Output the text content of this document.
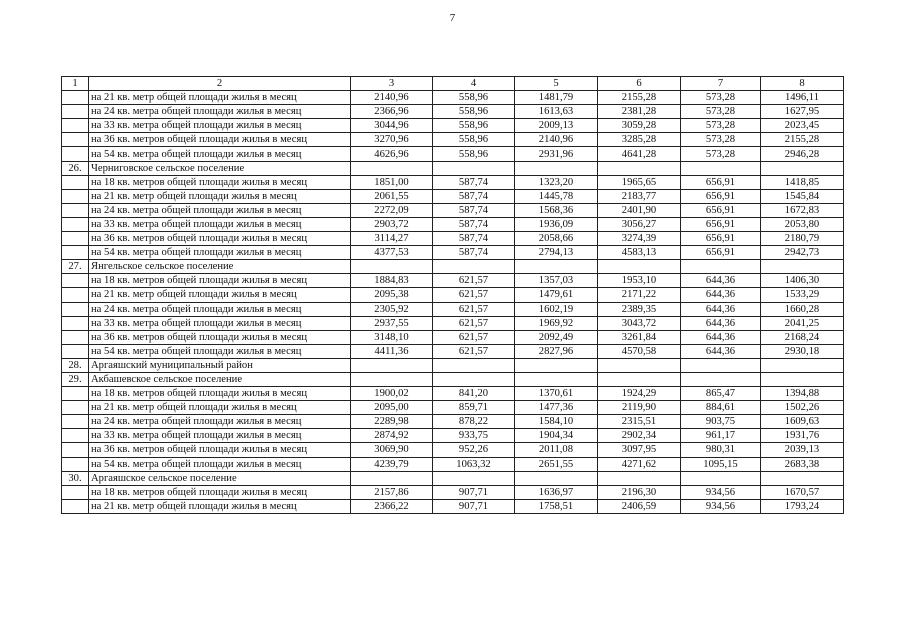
7
1	2	3	4	5	6	7	8
	на 21 кв. метр общей площади жилья в месяц	2140,96	558,96	1481,79	2155,28	573,28	1496,11
	на 24 кв. метра общей площади жилья в месяц	2366,96	558,96	1613,63	2381,28	573,28	1627,95
	на 33 кв. метра общей площади жилья в месяц	3044,96	558,96	2009,13	3059,28	573,28	2023,45
	на 36 кв. метров общей площади жилья в месяц	3270,96	558,96	2140,96	3285,28	573,28	2155,28
	на 54 кв. метра общей площади жилья в месяц	4626,96	558,96	2931,96	4641,28	573,28	2946,28
26.	Черниговское сельское поселение						
	на 18 кв. метров общей площади жилья в месяц	1851,00	587,74	1323,20	1965,65	656,91	1418,85
	на 21 кв. метр общей площади жилья в месяц	2061,55	587,74	1445,78	2183,77	656,91	1545,84
	на 24 кв. метра общей площади жилья в месяц	2272,09	587,74	1568,36	2401,90	656,91	1672,83
	на 33 кв. метра общей площади жилья в месяц	2903,72	587,74	1936,09	3056,27	656,91	2053,80
	на 36 кв. метров общей площади жилья в месяц	3114,27	587,74	2058,66	3274,39	656,91	2180,79
	на 54 кв. метра общей площади жилья в месяц	4377,53	587,74	2794,13	4583,13	656,91	2942,73
27.	Янгельское сельское поселение						
	на 18 кв. метров общей площади жилья в месяц	1884,83	621,57	1357,03	1953,10	644,36	1406,30
	на 21 кв. метр общей площади жилья в месяц	2095,38	621,57	1479,61	2171,22	644,36	1533,29
	на 24 кв. метра общей площади жилья в месяц	2305,92	621,57	1602,19	2389,35	644,36	1660,28
	на 33 кв. метра общей площади жилья в месяц	2937,55	621,57	1969,92	3043,72	644,36	2041,25
	на 36 кв. метров общей площади жилья в месяц	3148,10	621,57	2092,49	3261,84	644,36	2168,24
	на 54 кв. метра общей площади жилья в месяц	4411,36	621,57	2827,96	4570,58	644,36	2930,18
28.	Аргаяшский муниципальный район						
29.	Акбашевское сельское поселение						
	на 18 кв. метров общей площади жилья в месяц	1900,02	841,20	1370,61	1924,29	865,47	1394,88
	на 21 кв. метр общей площади жилья в месяц	2095,00	859,71	1477,36	2119,90	884,61	1502,26
	на 24 кв. метра общей площади жилья в месяц	2289,98	878,22	1584,10	2315,51	903,75	1609,63
	на 33 кв. метра общей площади жилья в месяц	2874,92	933,75	1904,34	2902,34	961,17	1931,76
	на 36 кв. метров общей площади жилья в месяц	3069,90	952,26	2011,08	3097,95	980,31	2039,13
	на 54 кв. метра общей площади жилья в месяц	4239,79	1063,32	2651,55	4271,62	1095,15	2683,38
30.	Аргаяшское сельское поселение						
	на 18 кв. метров общей площади жилья в месяц	2157,86	907,71	1636,97	2196,30	934,56	1670,57
	на 21 кв. метр общей площади жилья в месяц	2366,22	907,71	1758,51	2406,59	934,56	1793,24
